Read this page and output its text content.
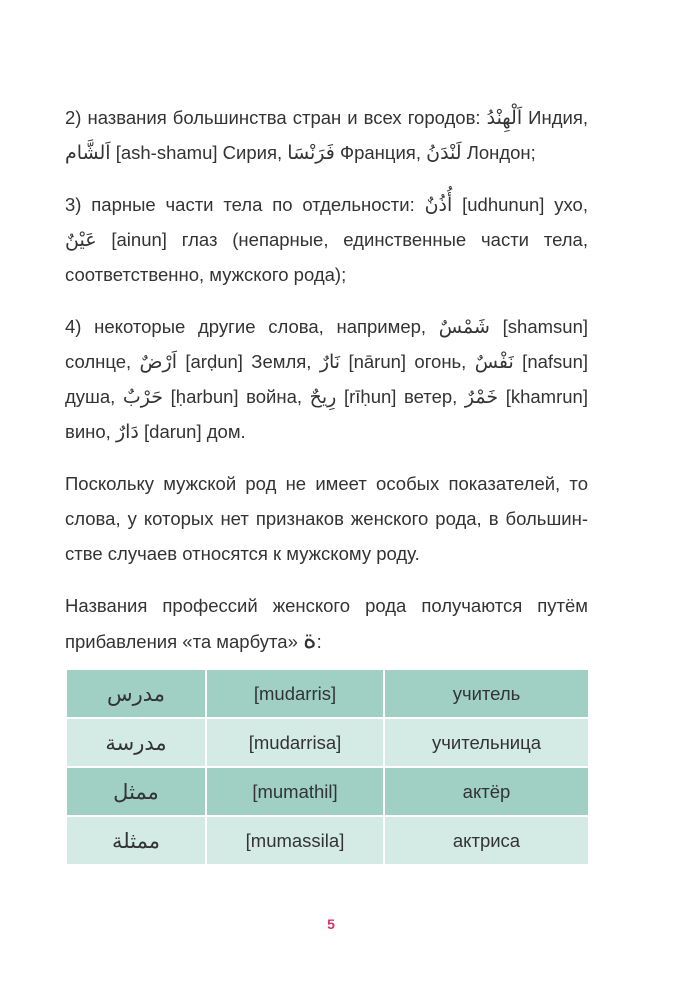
2) названия большинства стран и всех городов: اَلْهِنْدُ Индия,
اَلشَّام [ash-shamu] Сирия, فَرَنْسَا Франция, لَنْدَنُ Лондон;
3) парные части тела по отдельности: أُذُنٌ [udhunun] ухо,
عَيْنٌ [ainun] глаз (непарные, единственные части тела,
соответственно, мужского рода);
4) некоторые другие слова, например, شَمْسٌ [shamsun]
солнце, اَرْضٌ [arḍun] Земля, نَارٌ [nārun] огонь, نَفْسٌ [nafsun]
душа, حَرْبٌ [ḥarbun] война, رِيحٌ [rīḥun] ветер, خَمْرٌ [khamrun]
вино, دَارٌ [darun] дом.
Поскольку мужской род не имеет особых показателей, то
слова, у которых нет признаков женского рода, в большин-
стве случаев относятся к мужскому роду.
Названия профессий женского рода получаются путём
прибавления «та марбута» ة:
مدرس	[mudarris]	учитель
مدرسة	[mudarrisa]	учительница
ممثل	[mumathil]	актёр
ممثلة	[mumassila]	актриса
5
